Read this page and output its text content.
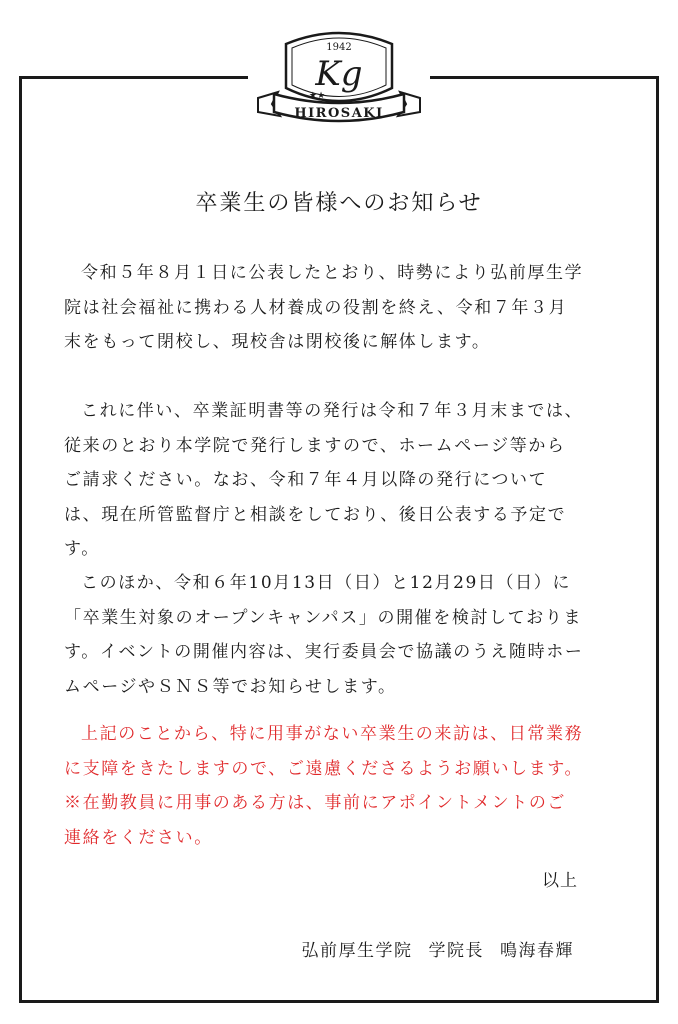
1942
Kg
★★
HIROSAKI
卒業生の皆様へのお知らせ

令和５年８月１日に公表したとおり、時勢により弘前厚生学院は社会福祉に携わる人材養成の役割を終え、令和７年３月末をもって閉校し、現校舎は閉校後に解体します。

これに伴い、卒業証明書等の発行は令和７年３月末までは、従来のとおり本学院で発行しますので、ホームページ等からご請求ください。なお、令和７年４月以降の発行については、現在所管監督庁と相談をしており、後日公表する予定です。

このほか、令和６年10月13日（日）と12月29日（日）に「卒業生対象のオープンキャンパス」の開催を検討しております。イベントの開催内容は、実行委員会で協議のうえ随時ホームページやＳＮＳ等でお知らせします。

上記のことから、特に用事がない卒業生の来訪は、日常業務に支障をきたしますので、ご遠慮くださるようお願いします。※在勤教員に用事のある方は、事前にアポイントメントのご連絡をください。

以上
弘前厚生学院 学院長 鳴海春輝
